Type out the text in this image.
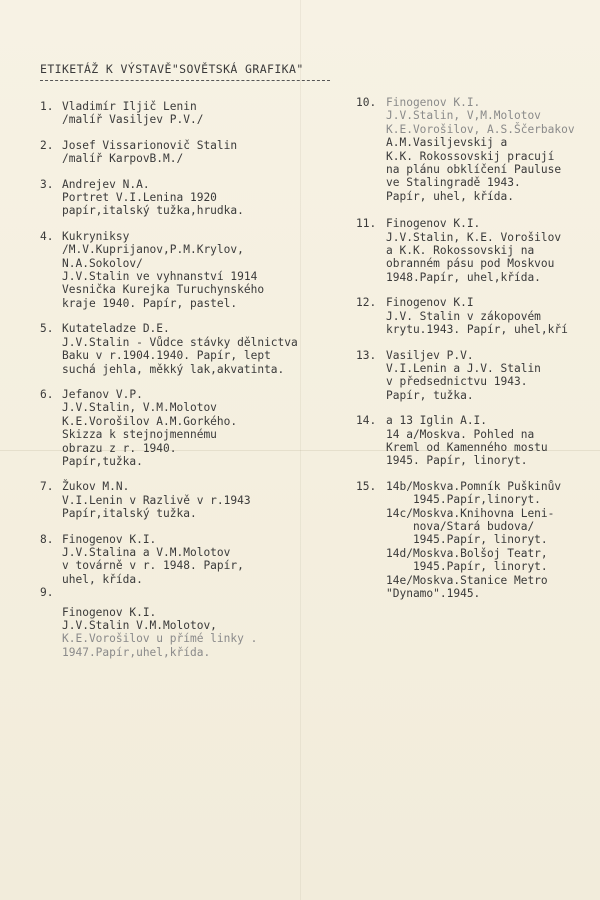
ETIKETÁŽ K VÝSTAVĚ"SOVĚTSKÁ GRAFIKA"
1. Vladimír Iljič Lenin
/malíř Vasiljev P.V./
2. Josef Vissarionovič Stalin
/malíř KarpovB.M./
3. Andrejev N.A.
Portret V.I.Lenina 1920
papír,italský tužka,hrudka.
4. Kukryniksy
/M.V.Kuprijanov,P.M.Krylov,
N.A.Sokolov/
J.V.Stalin ve vyhnanství 1914
Vesnička Kurejka Turuchynského
kraje 1940. Papír, pastel.
5. Kutateladze D.E.
J.V.Stalin - Vůdce stávky dělnictva
Baku v r.1904.1940. Papír, lept
suchá jehla, měkký lak,akvatinta.
6. Jefanov V.P.
J.V.Stalin, V.M.Molotov
K.E.Vorošilov A.M.Gorkého.
Skizza k stejnojmennému
obrazu z r. 1940.
Papír,tužka.
7. Žukov M.N.
V.I.Lenin v Razlivě v r.1943
Papír,italský tužka.
8. Finogenov K.I.
J.V.Stalina a V.M.Molotov
v továrně v r. 1948. Papír,
uhel, křída.
9.
Finogenov K.I.
J.V.Stalin V.M.Molotov,
K.E.Vorošilov u přímé linky .
1947.Papír,uhel,křída.
10. Finogenov K.I.
J.V.Stalin, V,M.Molotov
K.E.Vorošilov, A.S.Ščerbakov
A.M.Vasiljevskij a
K.K. Rokossovskij pracují
na plánu obklíčení Pauluse
ve Stalingradě 1943.
Papír, uhel, křída.
11. Finogenov K.I.
J.V.Stalin, K.E. Vorošilov
a K.K. Rokossovskij na
obranném pásu pod Moskvou
1948.Papír, uhel,křída.
12. Finogenov K.I
J.V. Stalin v zákopovém
krytu.1943. Papír, uhel,kří
13. Vasiljev P.V.
V.I.Lenin a J.V. Stalin
v předsednictvu 1943.
Papír, tužka.
14. a 13 Iglin A.I.
14 a/Moskva. Pohled na
Kreml od Kamenného mostu
1945. Papír, linoryt.
15. 14b/Moskva.Pomník Puškinův
1945.Papír,linoryt.
14c/Moskva.Knihovna Leni-
nova/Stará budova/
1945.Papír, linoryt.
14d/Moskva.Bolšoj Teatr,
1945.Papír, linoryt.
14e/Moskva.Stanice Metro
"Dynamo".1945.
